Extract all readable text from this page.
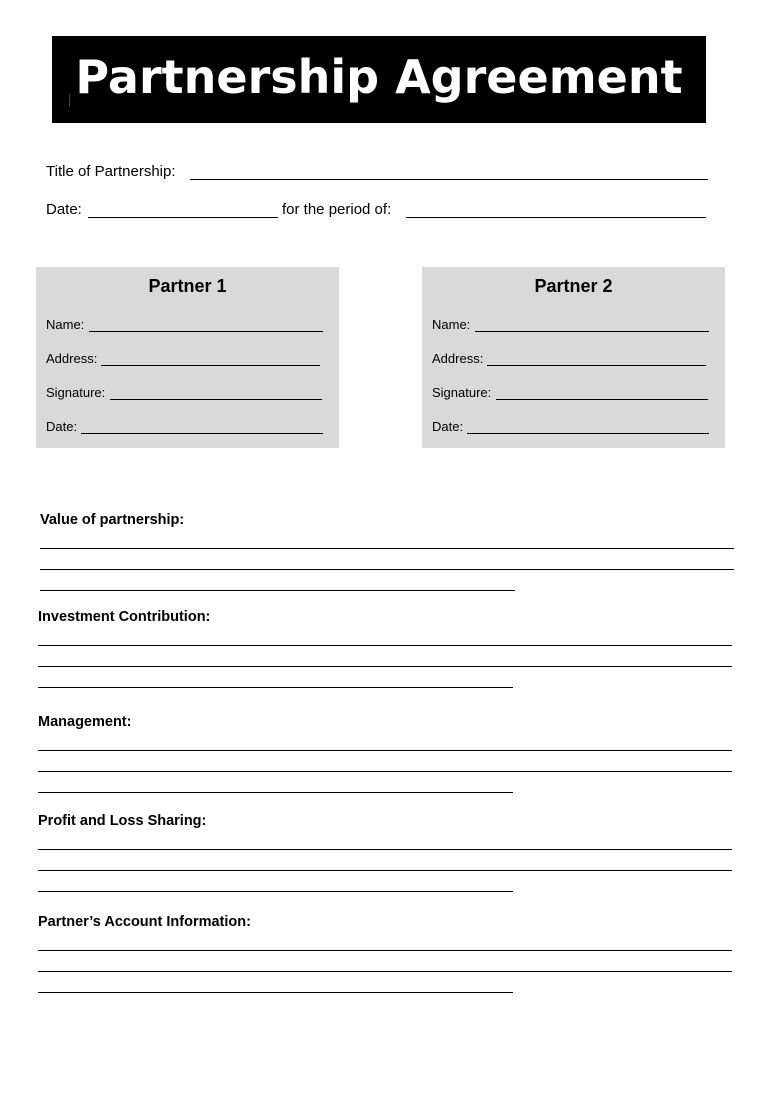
Partnership Agreement
Title of Partnership:
Date:	for the period of:
Partner 1
Name:
Address:
Signature:
Date:
Partner 2
Name:
Address:
Signature:
Date:
Value of partnership:
Investment Contribution:
Management:
Profit and Loss Sharing:
Partner’s Account Information:
